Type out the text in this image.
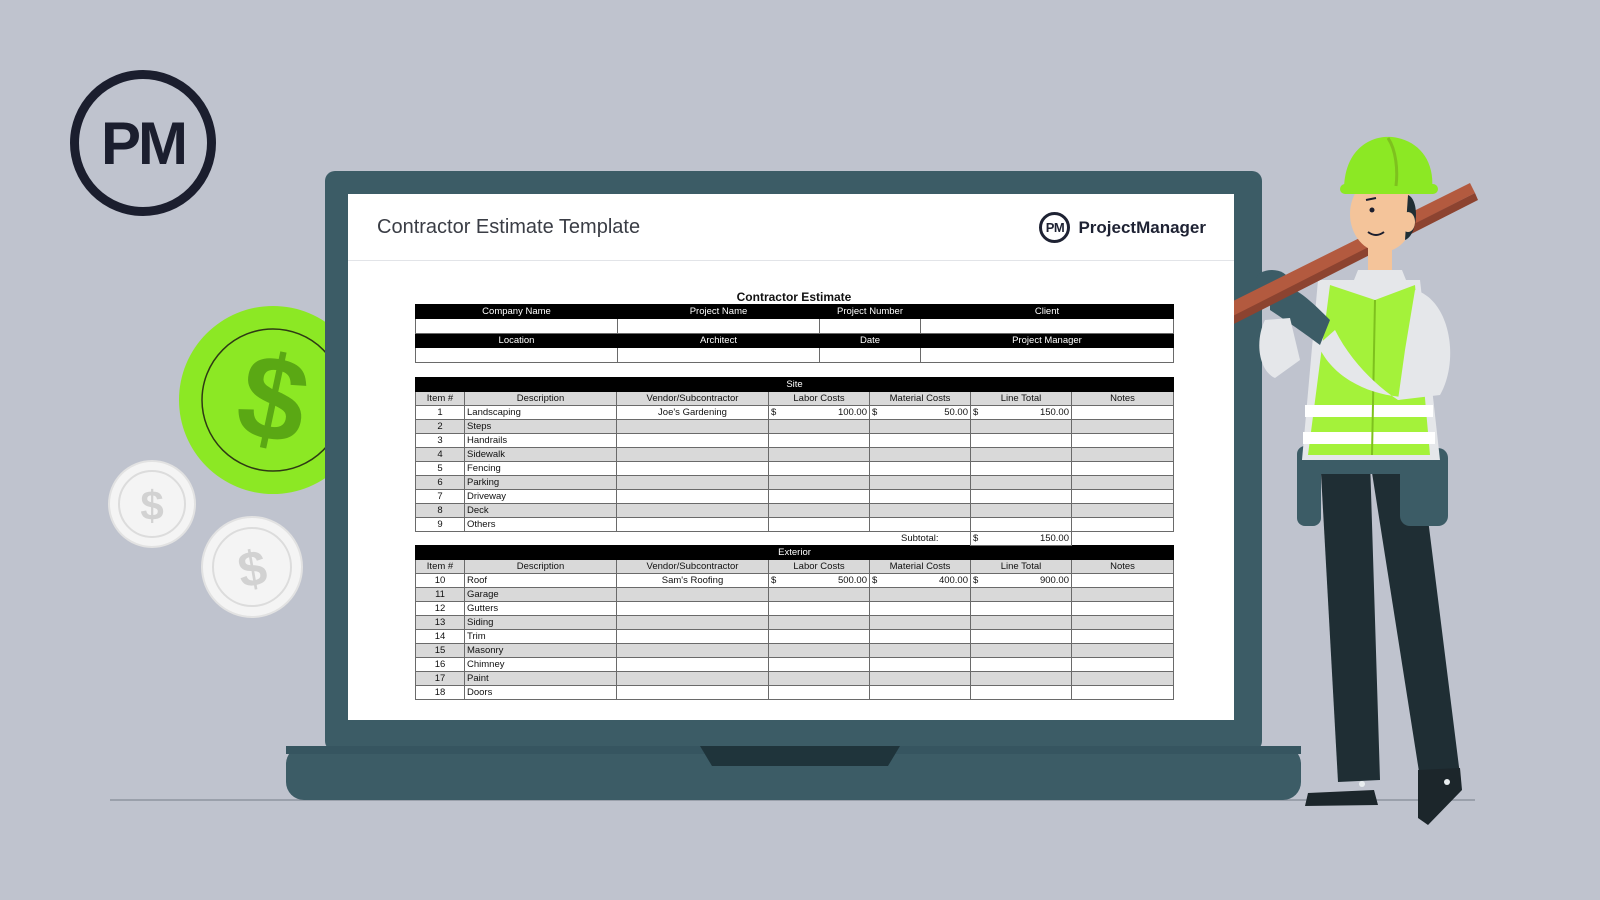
$
$
$
PM
Contractor Estimate Template	PM ProjectManager
Contractor Estimate
Company Name	Project Name	Project Number	Client

Location	Architect	Date	Project Manager

Site						
Item #	Description	Vendor/Subcontractor	Labor Costs	Material Costs	Line Total	Notes
1	Landscaping	Joe's Gardening	$ 100.00	$ 50.00	$ 150.00	

2	Steps					
3	Handrails					
4	Sidewalk					
5	Fencing					
6	Parking					
7	Driveway					
8	Deck					
9	Others					
				Subtotal:	$ 150.00	

Exterior						
Item #	Description	Vendor/Subcontractor	Labor Costs	Material Costs	Line Total	Notes
10	Roof	Sam's Roofing	$ 500.00	$ 400.00	$ 900.00	

11	Garage					
12	Gutters					
13	Siding					
14	Trim					
15	Masonry					
16	Chimney					
17	Paint					
18	Doors					
